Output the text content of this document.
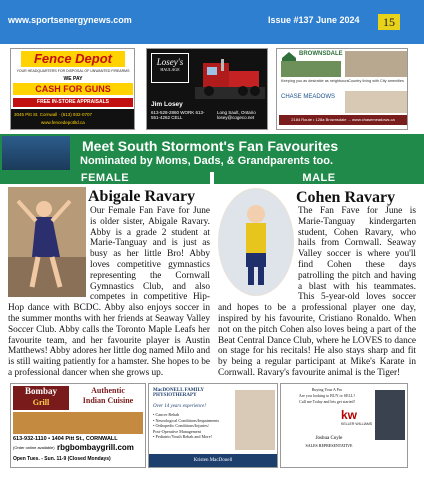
www.sportsenergynews.com	Issue #137 June 2024	15
Fence Depot
YOUR HEADQUARTERS FOR DISPOSAL OF UNWANTED FIREARMS
WE PAY
CASH FOR GUNS
FREE IN-STORE APPRAISALS
3045 Pitt St. Cornwall · (613) 932-0707
www.fencedepotltd.ca
Losey's
HAULAGE
Jim Losey
613-528-2860 WORK 613-551-4262 CELL
Long Sault, Ontario losey@cogeco.net
BROWNSDALE
Keeping you as desirable as neighbours Country living with City amenities
CHASE MEADOWS
2184 Route • 128a Brownsdale ... www.chasemeadows.ca
Meet South Stormont's Fan Favourites
Nominated by Moms, Dads, & Grandparents too.
FEMALE	MALE
Abigale Ravary
Our Female Fan Fave for June is older sister, Abigale Ravary. Abby is a grade 2 student at Marie-Tanguay and is just as busy as her little Bro! Abby loves competitive gymnastics representing the Cornwall Gymnastics Club, and also competes in competitive Hip-Hop dance with BCDC. Abby also enjoys soccer in the summer months with her friends at Seaway Valley Soccer Club. Abby calls the Toronto Maple Leafs her favourite team, and her favourite player is Austin Matthews! Abby adores her little dog named Milo and is still waiting patiently for a hamster. She hopes to be a professional dancer when she grows up.
Cohen Ravary
The Fan Fave for June is Marie-Tanguay kindergarten student, Cohen Ravary, who hails from Cornwall. Seaway Valley soccer is where you'll find Cohen these days patrolling the pitch and having a blast with his teammates. This 5-year-old loves soccer and hopes to be a professional player one day, inspired by his favourite, Cristiano Ronaldo. When not on the pitch Cohen also loves being a part of the Beat Central Dance Club, where he LOVES to dance on stage for his recitals! He also stays sharp and fit by being a regular participant at Mike's Karate in Cornwall. Ravary's favourite animal is the Tiger!
Bombay
Grill
Authentic
Indian Cuisine
613-932-1110 • 1404 Pitt St., CORNWALL
(Order online available) rbgbombaygrill.com
Open Tues. - Sun. 11-9 (Closed Mondays)
MacDONELL FAMILY PHYSIOTHERAPY
Over 14 years experience!
• Cancer Rehab
• Neurological Conditions/Impairments
• Orthopedic Conditions/Injuries/
Post-Operative Management
• Pediatric/Youth Rehab and More!
Kristen MacDonell
Buying Your A Pro
Are you looking to BUY or SELL?
Call me Today and lets get started!
kw
KELLER WILLIAMS
Joshua Coyle
SALES REPRESENTATIVE
